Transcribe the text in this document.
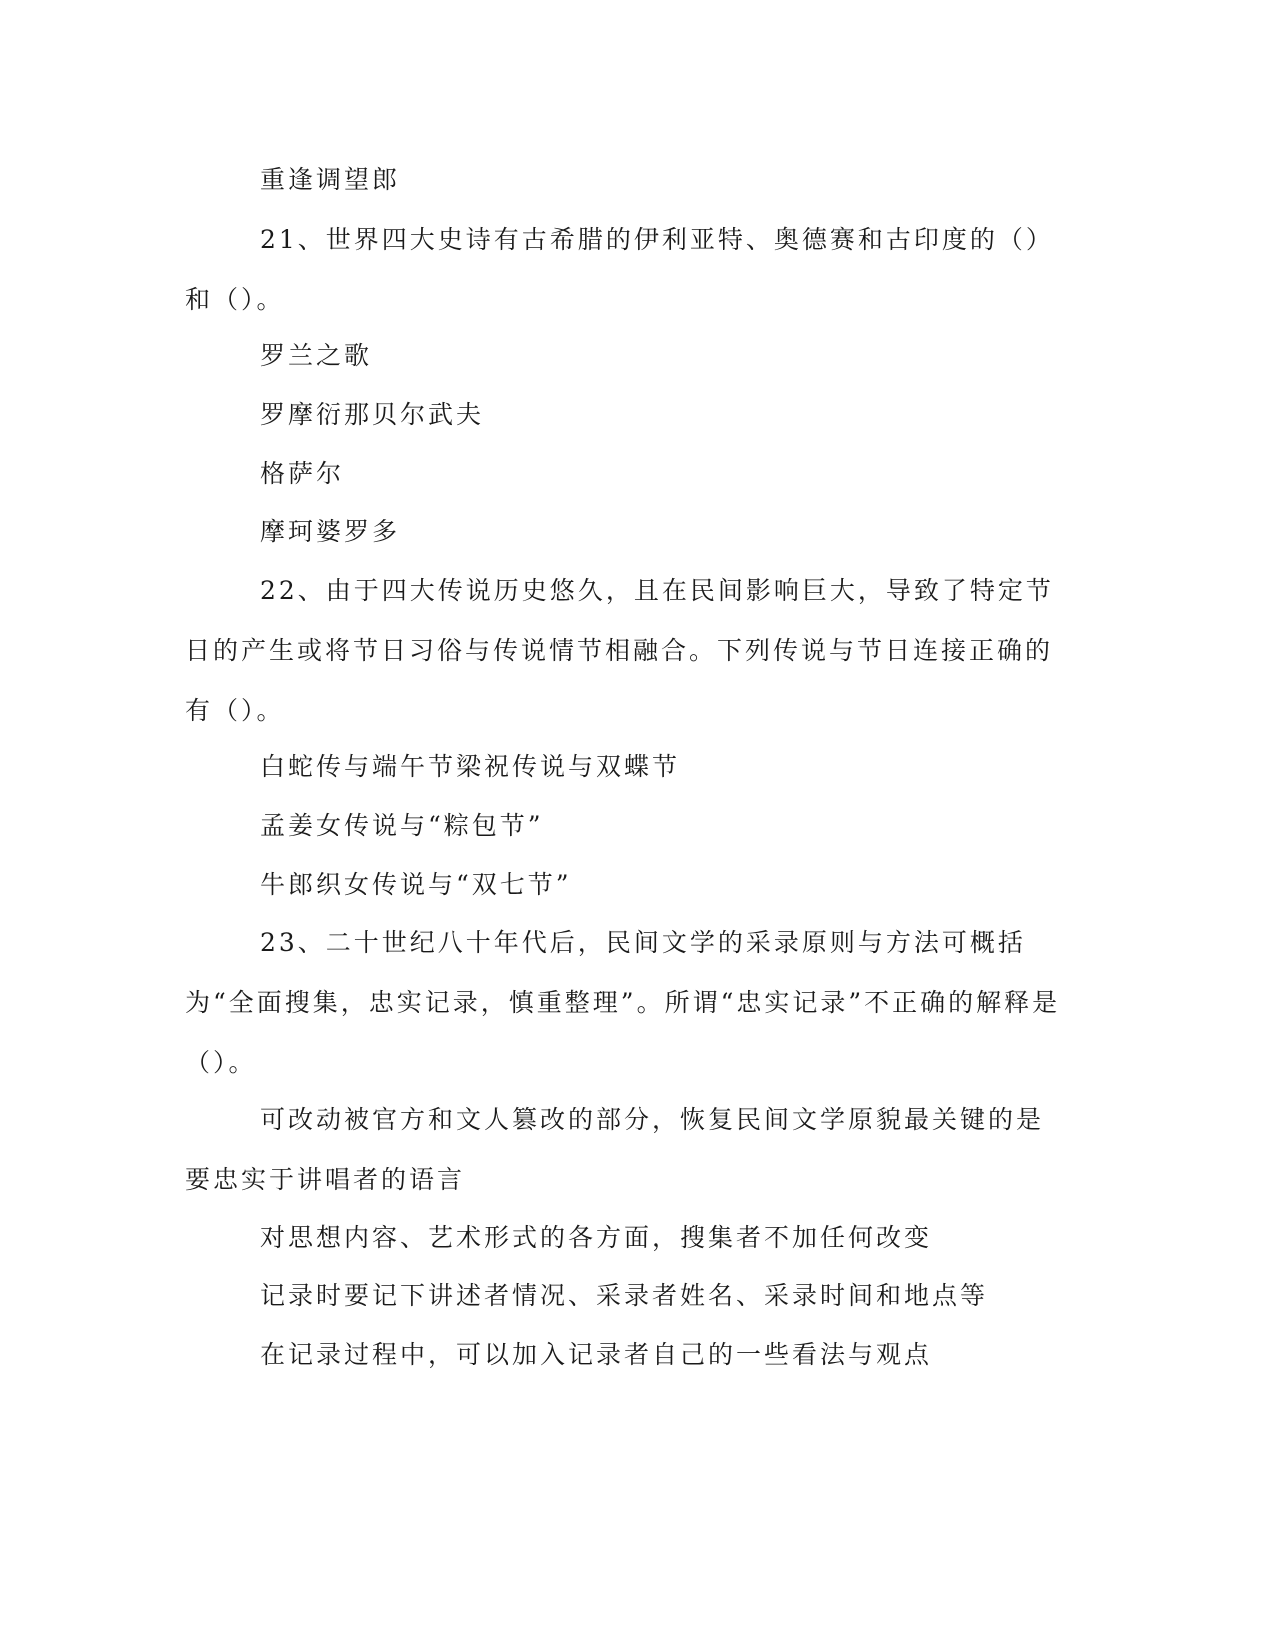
重逢调望郎

21、世界四大史诗有古希腊的伊利亚特、奥德赛和古印度的（）和（）。

罗兰之歌

罗摩衍那贝尔武夫

格萨尔

摩珂婆罗多

22、由于四大传说历史悠久，且在民间影响巨大，导致了特定节日的产生或将节日习俗与传说情节相融合。下列传说与节日连接正确的有（）。

白蛇传与端午节梁祝传说与双蝶节

孟姜女传说与“粽包节”

牛郎织女传说与“双七节”

23、二十世纪八十年代后，民间文学的采录原则与方法可概括为“全面搜集，忠实记录，慎重整理”。所谓“忠实记录”不正确的解释是（）。

可改动被官方和文人篡改的部分，恢复民间文学原貌最关键的是要忠实于讲唱者的语言

对思想内容、艺术形式的各方面，搜集者不加任何改变

记录时要记下讲述者情况、采录者姓名、采录时间和地点等

在记录过程中，可以加入记录者自己的一些看法与观点
